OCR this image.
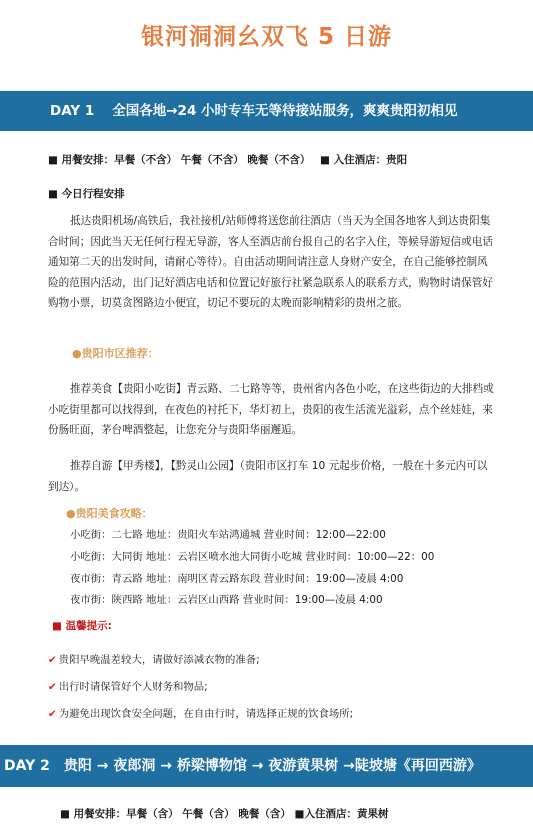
银河洞洞幺双飞 5 日游
DAY 1 全国各地→24 小时专车无等待接站服务，爽爽贵阳初相见
■ 用餐安排：早餐（不含） 午餐（不含） 晚餐（不含） ■ 入住酒店：贵阳
■ 今日行程安排
抵达贵阳机场/高铁后，我社接机/站师傅将送您前往酒店（当天为全国各地客人到达贵阳集合时间；因此当天无任何行程无导游，客人至酒店前台报自己的名字入住，等候导游短信或电话通知第二天的出发时间，请耐心等待）。自由活动期间请注意人身财产安全，在自己能够控制风险的范围内活动，出门记好酒店电话和位置记好旅行社紧急联系人的联系方式，购物时请保管好购物小票，切莫贪图路边小便宜，切记不要玩的太晚而影响精彩的贵州之旅。
●贵阳市区推荐：
推荐美食【贵阳小吃街】青云路、二七路等等，贵州省内各色小吃，在这些街边的大排档或小吃街里都可以找得到，在夜色的衬托下，华灯初上，贵阳的夜生活流光溢彩，点个丝娃娃，来份肠旺面，茅台啤酒整起，让您充分与贵阳华丽邂逅。
推荐自游【甲秀楼】，【黔灵山公园】（贵阳市区打车 10 元起步价格，一般在十多元内可以到达）。
●贵阳美食攻略：
小吃街：二七路 地址：贵阳火车站鸿通城 营业时间：12:00—22:00
小吃街：大同街 地址：云岩区喷水池大同街小吃城 营业时间：10:00—22：00
夜市街：青云路 地址：南明区青云路东段 营业时间：19:00—凌晨 4:00
夜市街：陕西路 地址：云岩区山西路 营业时间：19:00—凌晨 4:00
■ 温馨提示:
✔ 贵阳早晚温差较大，请做好添减衣物的准备;
✔ 出行时请保管好个人财务和物品;
✔ 为避免出现饮食安全问题，在自由行时，请选择正规的饮食场所;
DAY 2 贵阳 → 夜郎洞 → 桥梁博物馆 → 夜游黄果树 →陡坡塘《再回西游》
■ 用餐安排：早餐（含） 午餐（含） 晚餐（含） ■入住酒店：黄果树
